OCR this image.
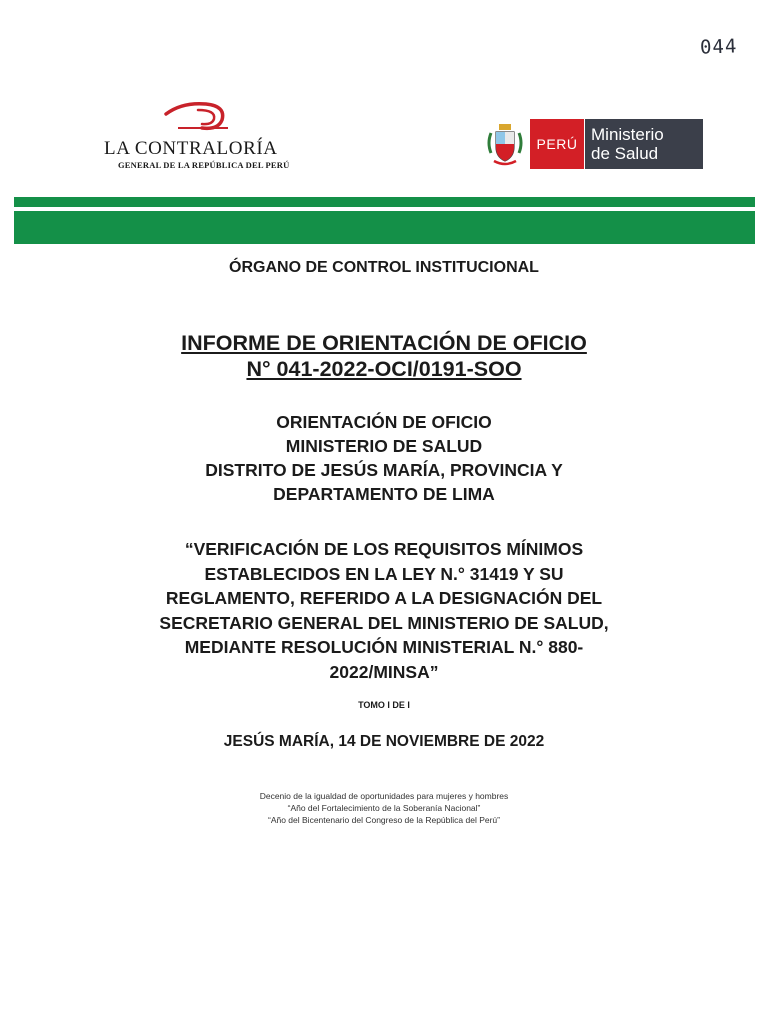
044
LA CONTRALORÍA
GENERAL DE LA REPÚBLICA DEL PERÚ
PERÚ Ministerio
de Salud
ÓRGANO DE CONTROL INSTITUCIONAL
INFORME DE ORIENTACIÓN DE OFICIO
N° 041-2022-OCI/0191-SOO
ORIENTACIÓN DE OFICIO
MINISTERIO DE SALUD
DISTRITO DE JESÚS MARÍA, PROVINCIA Y
DEPARTAMENTO DE LIMA
“VERIFICACIÓN DE LOS REQUISITOS MÍNIMOS
ESTABLECIDOS EN LA LEY N.° 31419 Y SU
REGLAMENTO, REFERIDO A LA DESIGNACIÓN DEL
SECRETARIO GENERAL DEL MINISTERIO DE SALUD,
MEDIANTE RESOLUCIÓN MINISTERIAL N.° 880-
2022/MINSA”
TOMO I DE I
JESÚS MARÍA, 14 DE NOVIEMBRE DE 2022
Decenio de la igualdad de oportunidades para mujeres y hombres
“Año del Fortalecimiento de la Soberanía Nacional”
“Año del Bicentenario del Congreso de la República del Perú”
